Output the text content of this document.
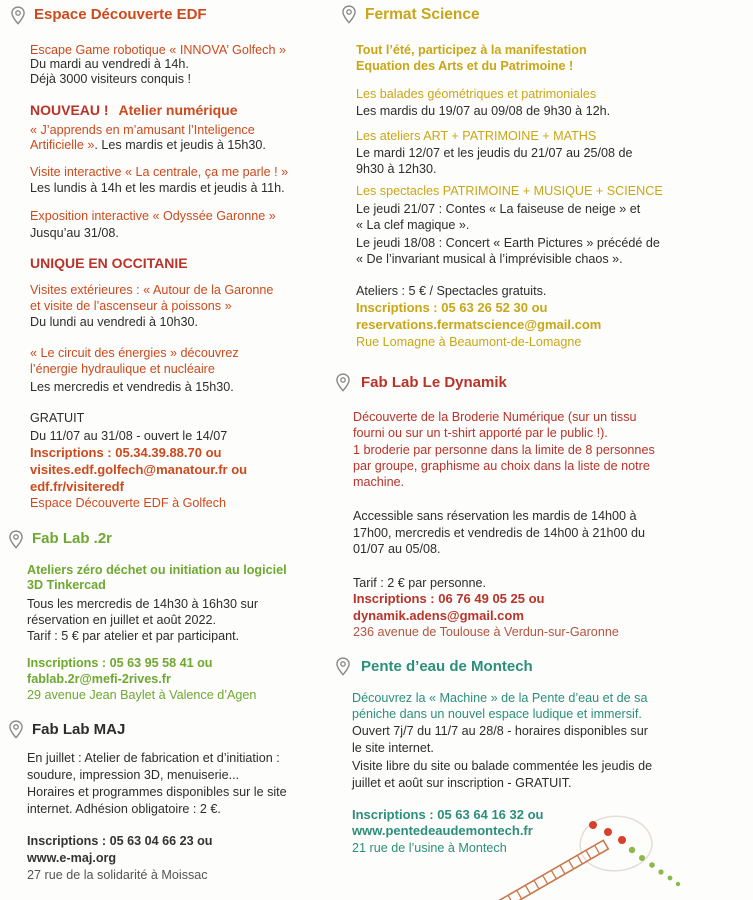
Espace Découverte EDF
Escape Game robotique « INNOVA’ Golfech »
Du mardi au vendredi à 14h.
Déjà 3000 visiteurs conquis !
NOUVEAU ! Atelier numérique
« J’apprends en m’amusant l’Inteligence
Artificielle ». Les mardis et jeudis à 15h30.
Visite interactive « La centrale, ça me parle ! »
Les lundis à 14h et les mardis et jeudis à 11h.
Exposition interactive « Odyssée Garonne »
Jusqu’au 31/08.
UNIQUE EN OCCITANIE
Visites extérieures : « Autour de la Garonne
et visite de l’ascenseur à poissons »
Du lundi au vendredi à 10h30.
« Le circuit des énergies » découvrez
l’énergie hydraulique et nucléaire
Les mercredis et vendredis à 15h30.
GRATUIT
Du 11/07 au 31/08 - ouvert le 14/07
Inscriptions : 05.34.39.88.70 ou
visites.edf.golfech@manatour.fr ou
edf.fr/visiteredf
Espace Découverte EDF à Golfech
Fab Lab .2r
Ateliers zéro déchet ou initiation au logiciel
3D Tinkercad
Tous les mercredis de 14h30 à 16h30 sur
réservation en juillet et août 2022.
Tarif : 5 € par atelier et par participant.
Inscriptions : 05 63 95 58 41 ou
fablab.2r@mefi-2rives.fr
29 avenue Jean Baylet à Valence d’Agen
Fab Lab MAJ
En juillet : Atelier de fabrication et d’initiation :
soudure, impression 3D, menuiserie...
Horaires et programmes disponibles sur le site
internet. Adhésion obligatoire : 2 €.
Inscriptions : 05 63 04 66 23 ou
www.e-maj.org
27 rue de la solidarité à Moissac
Fermat Science
Tout l’été, participez à la manifestation
Equation des Arts et du Patrimoine !
Les balades géométriques et patrimoniales
Les mardis du 19/07 au 09/08 de 9h30 à 12h.
Les ateliers ART + PATRIMOINE + MATHS
Le mardi 12/07 et les jeudis du 21/07 au 25/08 de
9h30 à 12h30.
Les spectacles PATRIMOINE + MUSIQUE + SCIENCE
Le jeudi 21/07 : Contes « La faiseuse de neige » et
« La clef magique ».
Le jeudi 18/08 : Concert « Earth Pictures » précédé de
« De l’invariant musical à l’imprévisible chaos ».
Ateliers : 5 € / Spectacles gratuits.
Inscriptions : 05 63 26 52 30 ou
reservations.fermatscience@gmail.com
Rue Lomagne à Beaumont-de-Lomagne
Fab Lab Le Dynamik
Découverte de la Broderie Numérique (sur un tissu
fourni ou sur un t-shirt apporté par le public !).
1 broderie par personne dans la limite de 8 personnes
par groupe, graphisme au choix dans la liste de notre
machine.
Accessible sans réservation les mardis de 14h00 à
17h00, mercredis et vendredis de 14h00 à 21h00 du
01/07 au 05/08.
Tarif : 2 € par personne.
Inscriptions : 06 76 49 05 25 ou
dynamik.adens@gmail.com
236 avenue de Toulouse à Verdun-sur-Garonne
Pente d’eau de Montech
Découvrez la « Machine » de la Pente d’eau et de sa
péniche dans un nouvel espace ludique et immersif.
Ouvert 7j/7 du 11/7 au 28/8 - horaires disponibles sur
le site internet.
Visite libre du site ou balade commentée les jeudis de
juillet et août sur inscription - GRATUIT.
Inscriptions : 05 63 64 16 32 ou
www.pentedeaudemontech.fr
21 rue de l’usine à Montech
